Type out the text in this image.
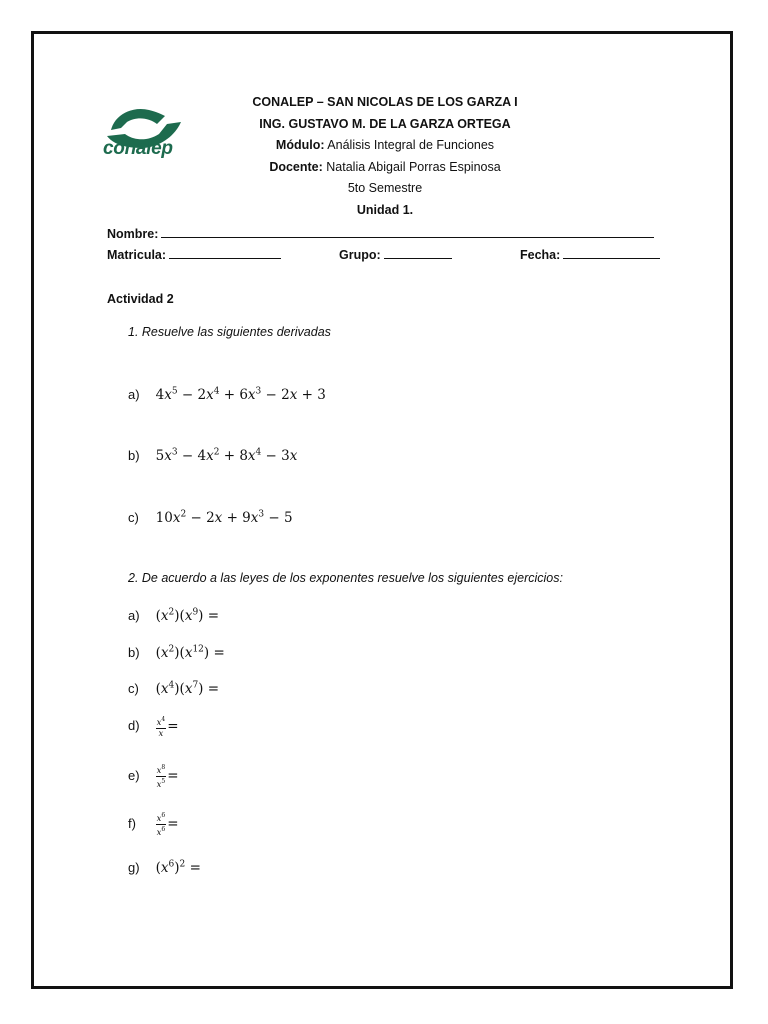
conalep
CONALEP – SAN NICOLAS DE LOS GARZA I
ING. GUSTAVO M. DE LA GARZA ORTEGA
Módulo: Análisis Integral de Funciones
Docente: Natalia Abigail Porras Espinosa
5to Semestre
Unidad 1.
Nombre:
Matricula:	Grupo:	Fecha:
Actividad 2
1. Resuelve las siguientes derivadas
a) $4x^5 - 2x^4 + 6x^3 - 2x + 3$
b) $5x^3 - 4x^2 + 8x^4 - 3x$
c) $10x^2 - 2x + 9x^3 - 5$
2. De acuerdo a las leyes de los exponentes resuelve los siguientes ejercicios:
a) $(x^2)(x^9)$ =
b) $(x^2)(x^{12})$ =
c) $(x^4)(x^7)$ =
$d) \frac{x^4}{x}$ =
$e) \frac{x^8}{x^5}$ =
$f) \frac{x^6}{x^6}$ =
g) $(x^6)^2$ =
